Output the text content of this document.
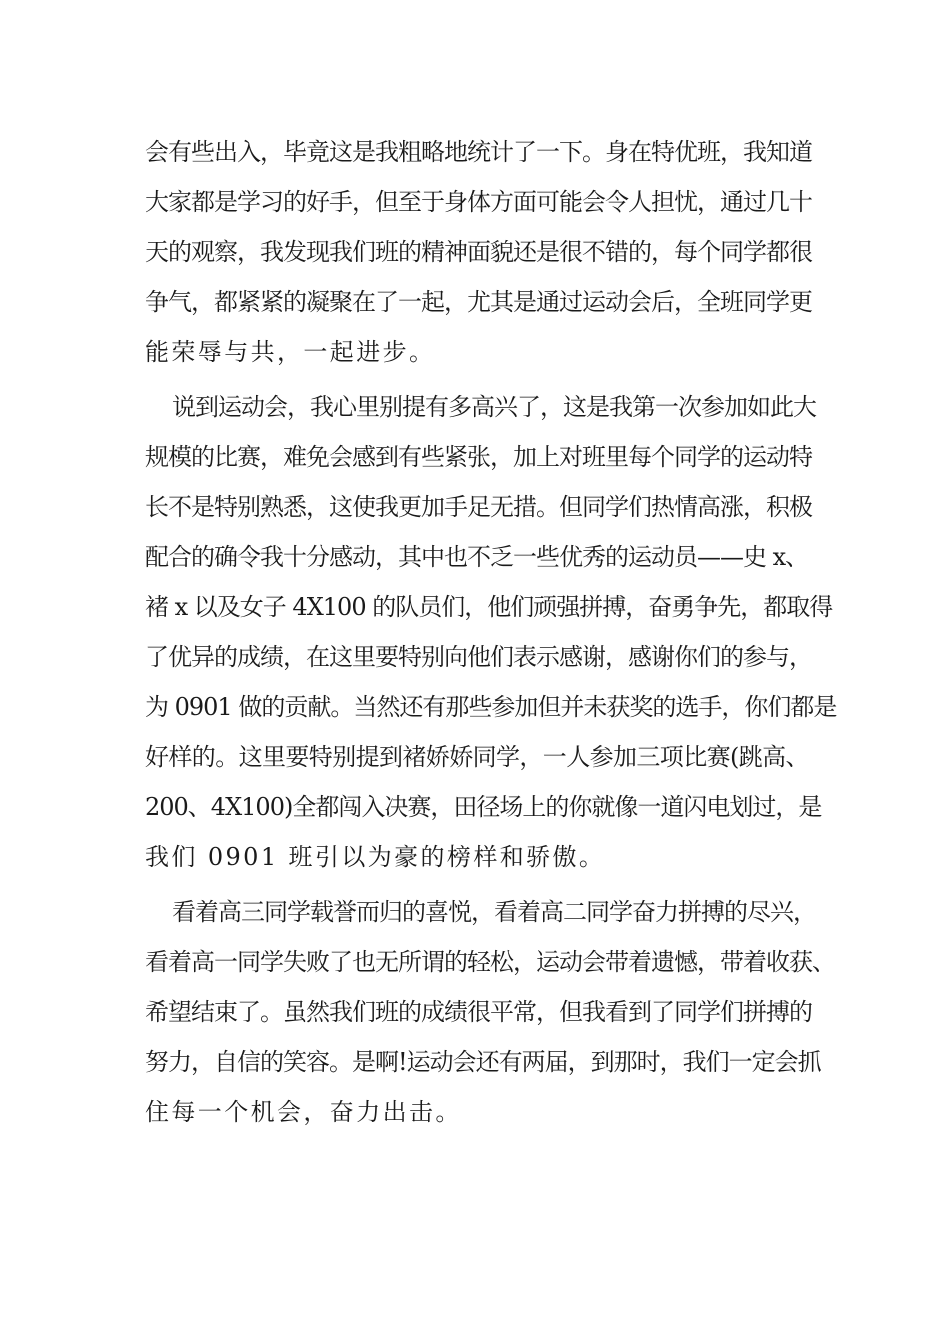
会有些出入，毕竟这是我粗略地统计了一下。身在特优班，我知道
大家都是学习的好手，但至于身体方面可能会令人担忧，通过几十
天的观察，我发现我们班的精神面貌还是很不错的，每个同学都很
争气，都紧紧的凝聚在了一起，尤其是通过运动会后，全班同学更
能荣辱与共，一起进步。
说到运动会，我心里别提有多高兴了，这是我第一次参加如此大
规模的比赛，难免会感到有些紧张，加上对班里每个同学的运动特
长不是特别熟悉，这使我更加手足无措。但同学们热情高涨，积极
配合的确令我十分感动，其中也不乏一些优秀的运动员——史 x、
褚 x 以及女子 4X100 的队员们，他们顽强拼搏，奋勇争先，都取得
了优异的成绩，在这里要特别向他们表示感谢，感谢你们的参与，
为 0901 做的贡献。当然还有那些参加但并未获奖的选手，你们都是
好样的。这里要特别提到褚娇娇同学，一人参加三项比赛(跳高、
200、4X100)全都闯入决赛，田径场上的你就像一道闪电划过，是
我们 0901 班引以为豪的榜样和骄傲。
看着高三同学载誉而归的喜悦，看着高二同学奋力拼搏的尽兴，
看着高一同学失败了也无所谓的轻松，运动会带着遗憾，带着收获、
希望结束了。虽然我们班的成绩很平常，但我看到了同学们拼搏的
努力，自信的笑容。是啊!运动会还有两届，到那时，我们一定会抓
住每一个机会，奋力出击。
